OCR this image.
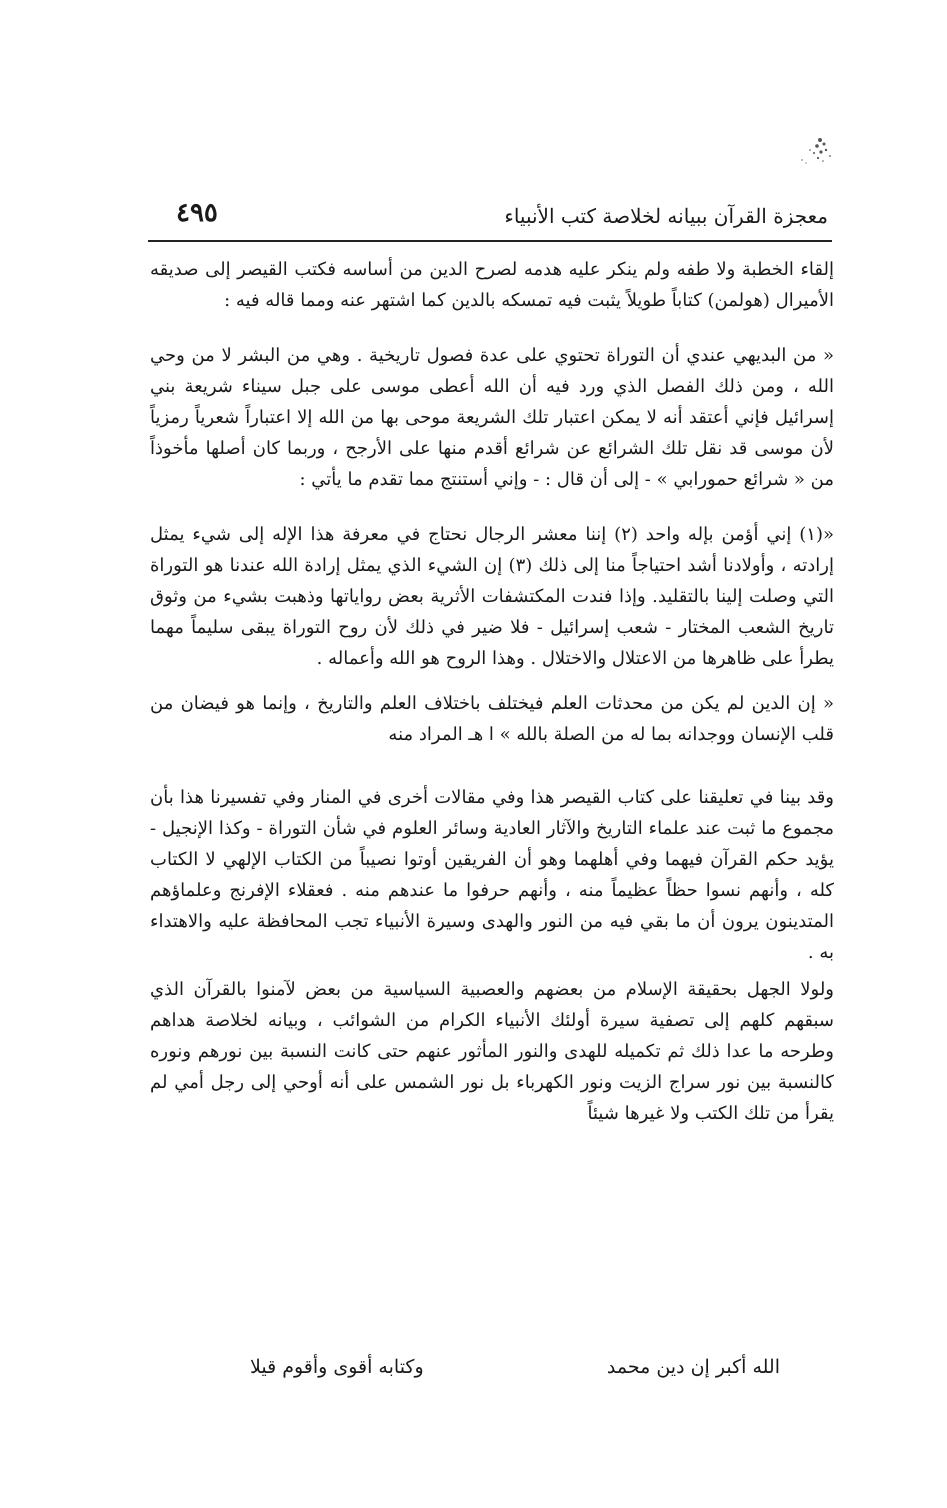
معجزة القرآن ببيانه لخلاصة كتب الأنبياء
٤٩٥

إلقاء الخطبة ولا طفه ولم ينكر عليه هدمه لصرح الدين من أساسه فكتب القيصر إلى صديقه الأميرال (هولمن) كتاباً طويلاً يثبت فيه تمسكه بالدين كما اشتهر عنه ومما قاله فيه :

« من البديهي عندي أن التوراة تحتوي على عدة فصول تاريخية . وهي من البشر لا من وحي الله ، ومن ذلك الفصل الذي ورد فيه أن الله أعطى موسى على جبل سيناء شريعة بني إسرائيل فإني أعتقد أنه لا يمكن اعتبار تلك الشريعة موحى بها من الله إلا اعتباراً شعرياً رمزياً لأن موسى قد نقل تلك الشرائع عن شرائع أقدم منها على الأرجح ، وربما كان أصلها مأخوذاً من « شرائع حمورابي » - إلى أن قال : - وإني أستنتج مما تقدم ما يأتي :

«(١) إني أؤمن بإله واحد (٢) إننا معشر الرجال نحتاج في معرفة هذا الإله إلى شيء يمثل إرادته ، وأولادنا أشد احتياجاً منا إلى ذلك (٣) إن الشيء الذي يمثل إرادة الله عندنا هو التوراة التي وصلت إلينا بالتقليد. وإذا فندت المكتشفات الأثرية بعض رواياتها وذهبت بشيء من وثوق تاريخ الشعب المختار - شعب إسرائيل - فلا ضير في ذلك لأن روح التوراة يبقى سليماً مهما يطرأ على ظاهرها من الاعتلال والاختلال . وهذا الروح هو الله وأعماله .

« إن الدين لم يكن من محدثات العلم فيختلف باختلاف العلم والتاريخ ، وإنما هو فيضان من قلب الإنسان ووجدانه بما له من الصلة بالله » ا هـ المراد منه

وقد بينا في تعليقنا على كتاب القيصر هذا وفي مقالات أخرى في المنار وفي تفسيرنا هذا بأن مجموع ما ثبت عند علماء التاريخ والآثار العادية وسائر العلوم في شأن التوراة - وكذا الإنجيل - يؤيد حكم القرآن فيهما وفي أهلهما وهو أن الفريقين أوتوا نصيباً من الكتاب الإلهي لا الكتاب كله ، وأنهم نسوا حظاً عظيماً منه ، وأنهم حرفوا ما عندهم منه . فعقلاء الإفرنج وعلماؤهم المتدينون يرون أن ما بقي فيه من النور والهدى وسيرة الأنبياء تجب المحافظة عليه والاهتداء به .

ولولا الجهل بحقيقة الإسلام من بعضهم والعصبية السياسية من بعض لآمنوا بالقرآن الذي سبقهم كلهم إلى تصفية سيرة أولئك الأنبياء الكرام من الشوائب ، وبيانه لخلاصة هداهم وطرحه ما عدا ذلك ثم تكميله للهدى والنور المأثور عنهم حتى كانت النسبة بين نورهم ونوره كالنسبة بين نور سراج الزيت ونور الكهرباء بل نور الشمس على أنه أوحي إلى رجل أمي لم يقرأ من تلك الكتب ولا غيرها شيئاً

الله أكبر إن دين محمد
وكتابه أقوى وأقوم قيلا
